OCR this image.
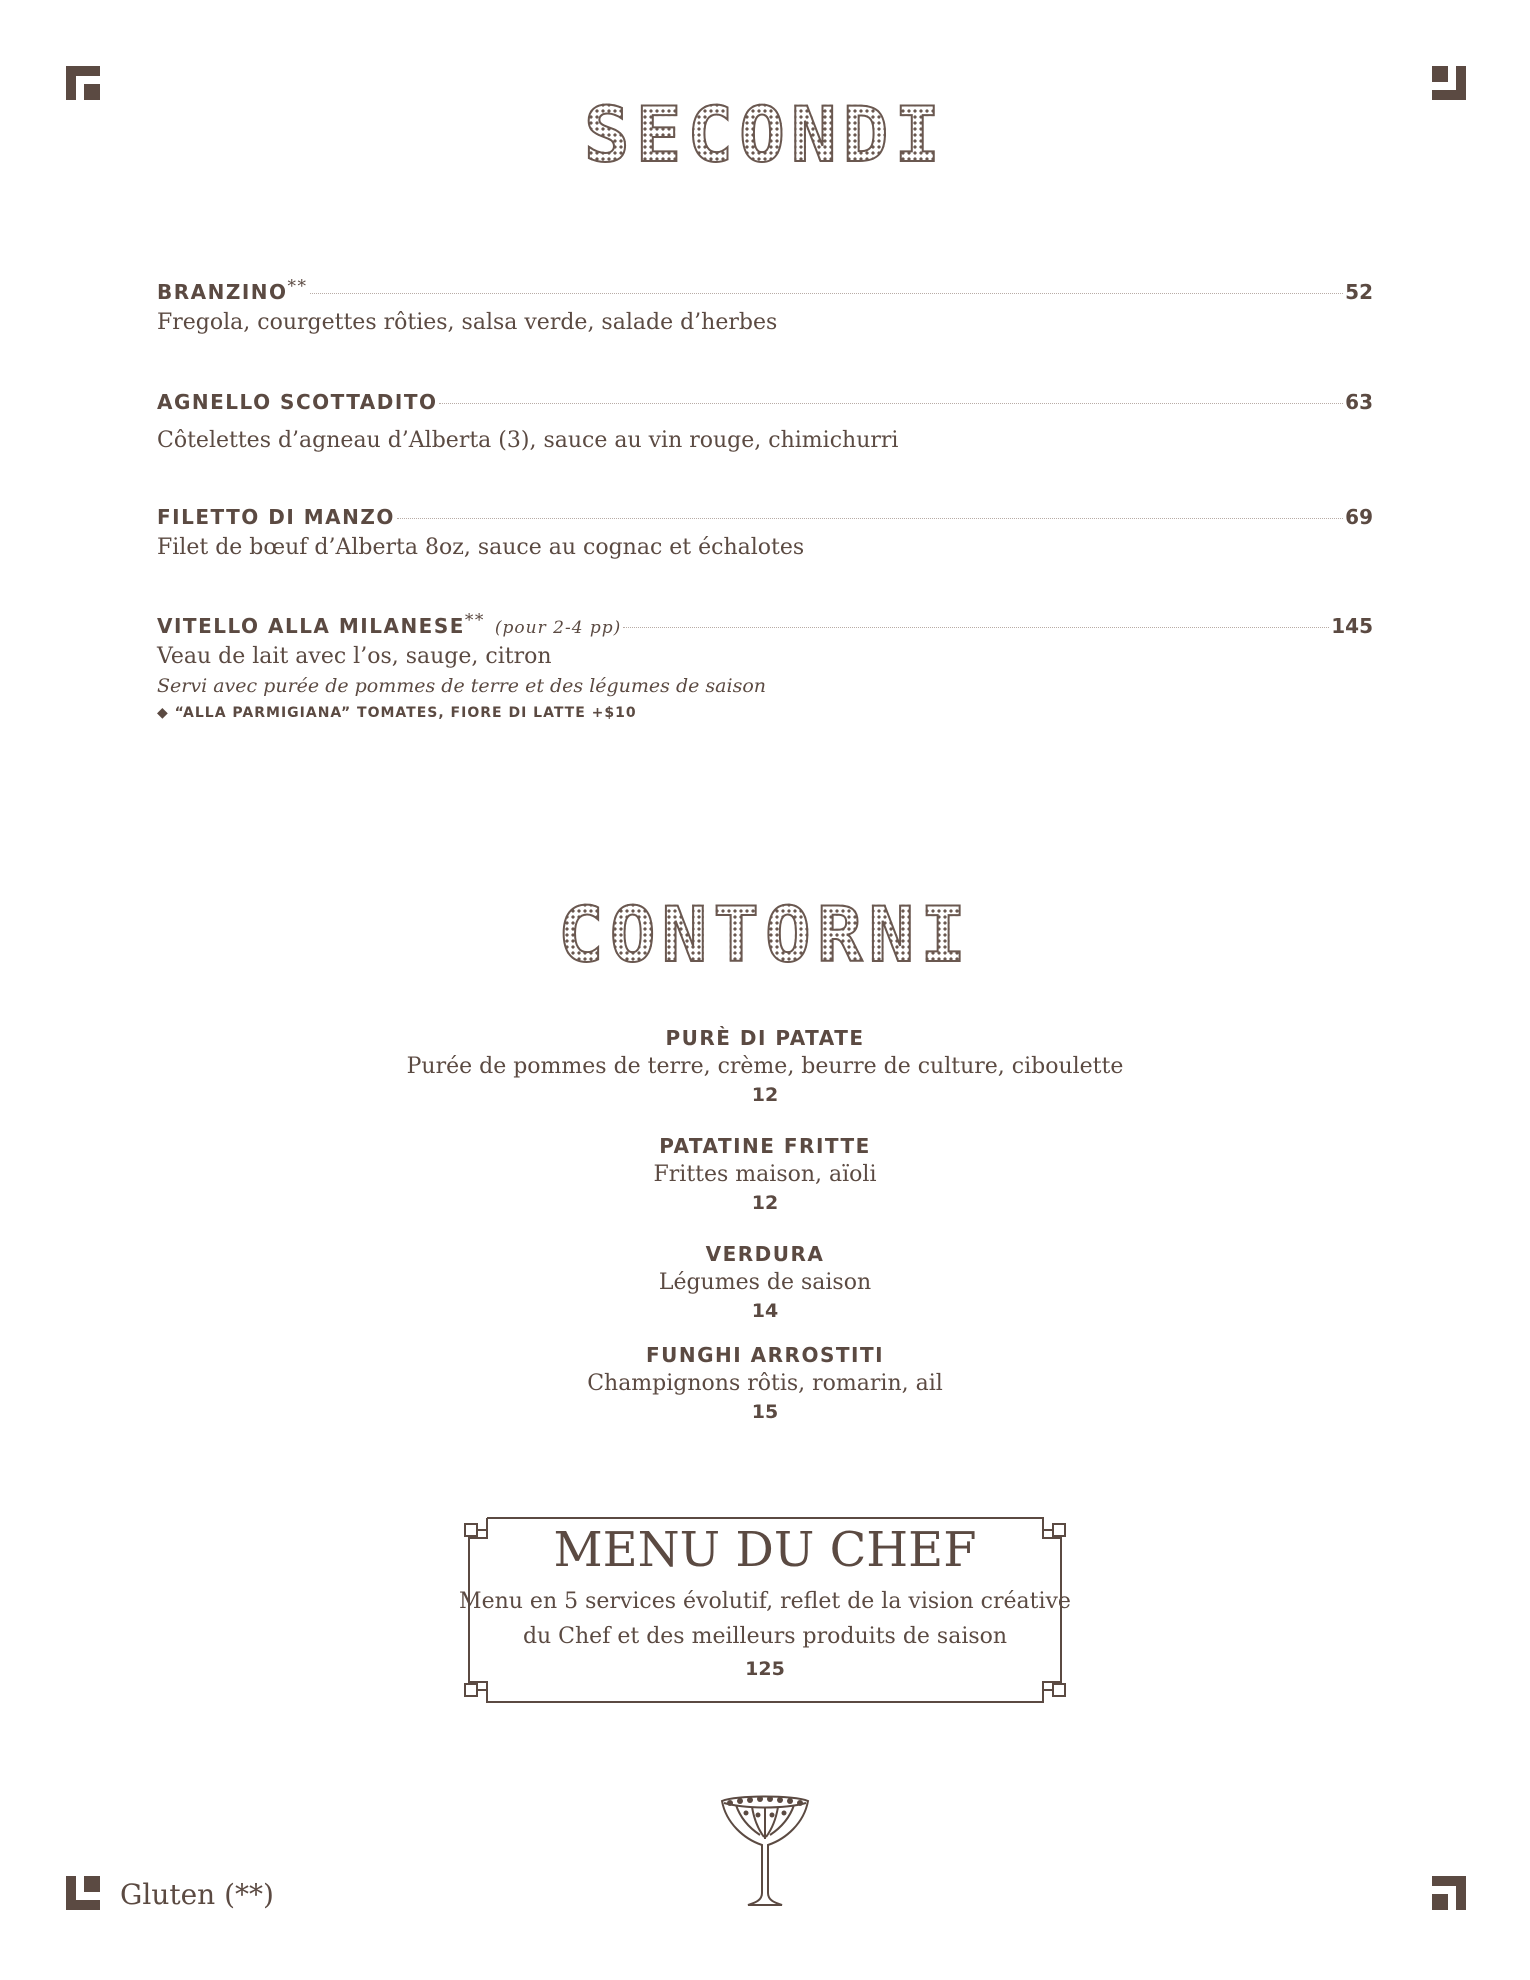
SECONDI
BRANZINO**	52
Fregola, courgettes rôties, salsa verde, salade d’herbes
AGNELLO SCOTTADITO	63
Côtelettes d’agneau d’Alberta (3), sauce au vin rouge, chimichurri
FILETTO DI MANZO	69
Filet de bœuf d’Alberta 8oz, sauce au cognac et échalotes
VITELLO ALLA MILANESE** (pour 2-4 pp)	145
Veau de lait avec l’os, sauge, citron
Servi avec purée de pommes de terre et des légumes de saison
◆ “ALLA PARMIGIANA” TOMATES, FIORE DI LATTE +$10
CONTORNI
PURÈ DI PATATE
Purée de pommes de terre, crème, beurre de culture, ciboulette
12
PATATINE FRITTE
Frittes maison, aïoli
12
VERDURA
Légumes de saison
14
FUNGHI ARROSTITI
Champignons rôtis, romarin, ail
15
MENU DU CHEF
Menu en 5 services évolutif, reflet de la vision créative
du Chef et des meilleurs produits de saison
125
Gluten (**)
